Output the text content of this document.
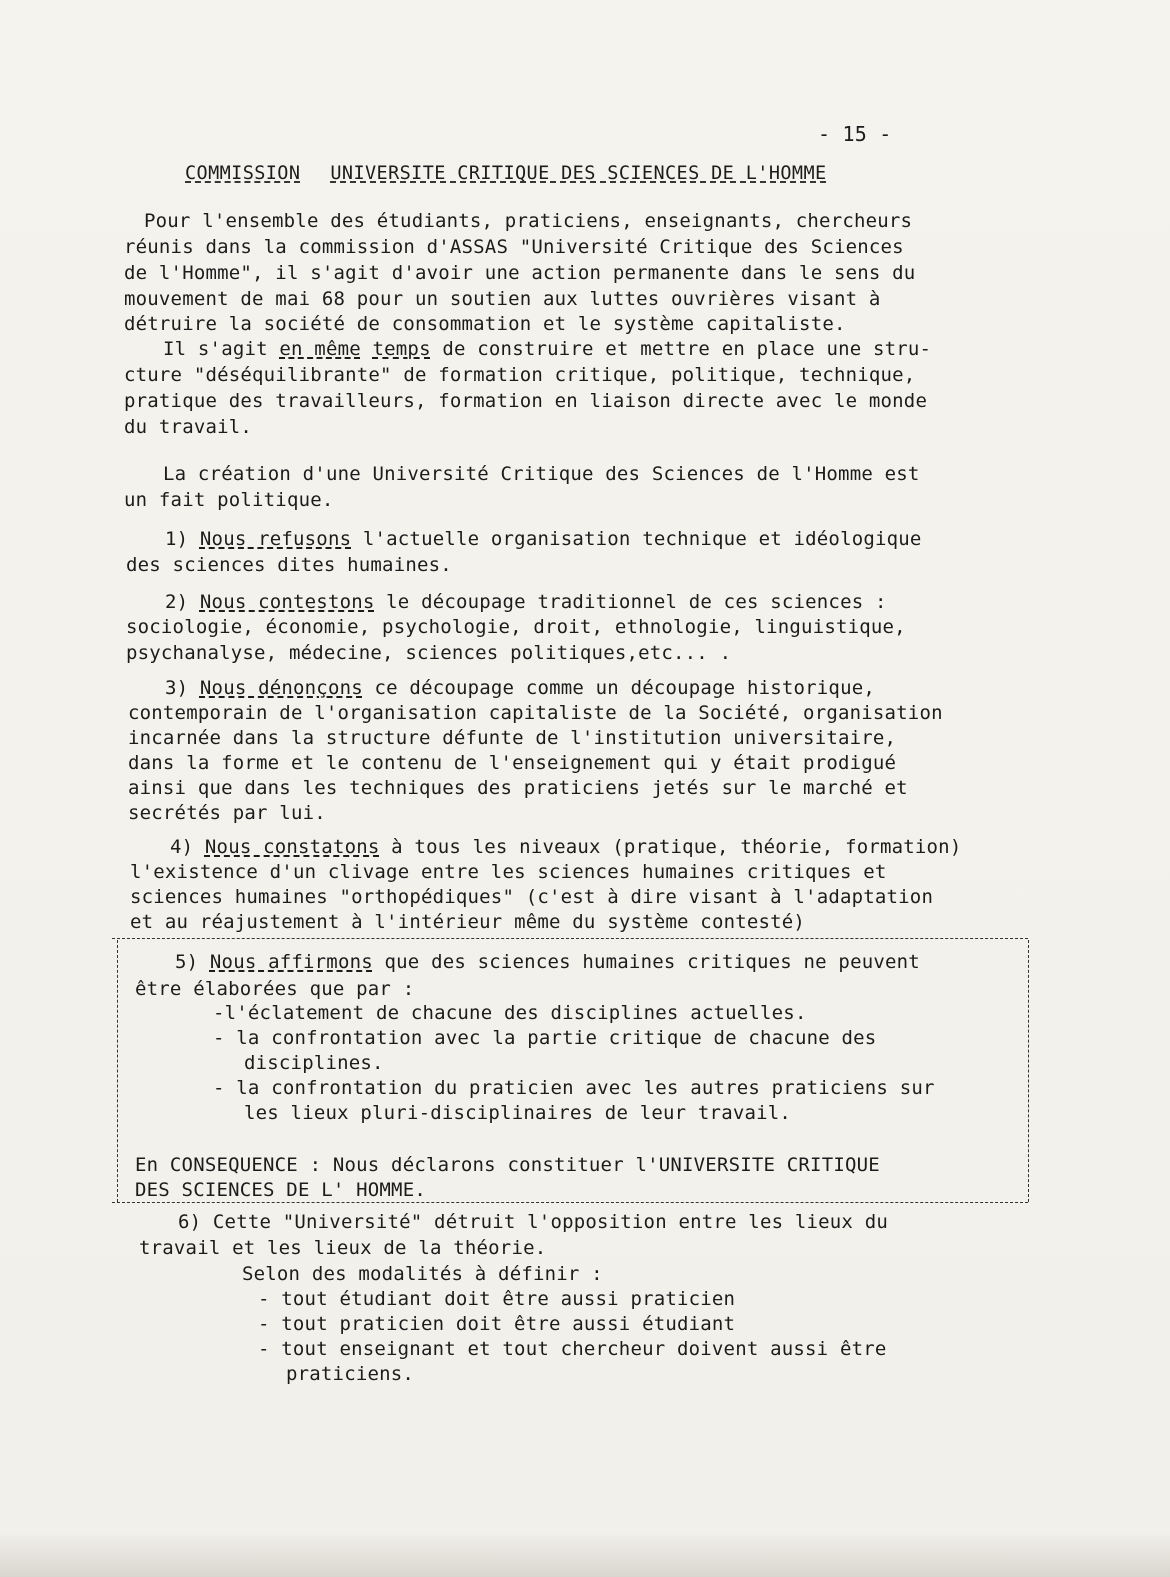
- 15 -
COMMISSION UNIVERSITE CRITIQUE DES SCIENCES DE L'HOMME
Pour l'ensemble des étudiants, praticiens, enseignants, chercheurs
réunis dans la commission d'ASSAS "Université Critique des Sciences
de l'Homme", il s'agit d'avoir une action permanente dans le sens du
mouvement de mai 68 pour un soutien aux luttes ouvrières visant à
détruire la société de consommation et le système capitaliste.
Il s'agit en même temps de construire et mettre en place une stru-
cture "déséquilibrante" de formation critique, politique, technique,
pratique des travailleurs, formation en liaison directe avec le monde
du travail.
La création d'une Université Critique des Sciences de l'Homme est
un fait politique.
1) Nous refusons l'actuelle organisation technique et idéologique
des sciences dites humaines.
2) Nous contestons le découpage traditionnel de ces sciences :
sociologie, économie, psychologie, droit, ethnologie, linguistique,
psychanalyse, médecine, sciences politiques,etc... .
3) Nous dénonçons ce découpage comme un découpage historique,
contemporain de l'organisation capitaliste de la Société, organisation
incarnée dans la structure défunte de l'institution universitaire,
dans la forme et le contenu de l'enseignement qui y était prodigué
ainsi que dans les techniques des praticiens jetés sur le marché et
secrétés par lui.
4) Nous constatons à tous les niveaux (pratique, théorie, formation)
l'existence d'un clivage entre les sciences humaines critiques et
sciences humaines "orthopédiques" (c'est à dire visant à l'adaptation
et au réajustement à l'intérieur même du système contesté)
5) Nous affirmons que des sciences humaines critiques ne peuvent
être élaborées que par :
-l'éclatement de chacune des disciplines actuelles.
- la confrontation avec la partie critique de chacune des
disciplines.
- la confrontation du praticien avec les autres praticiens sur
les lieux pluri-disciplinaires de leur travail.
En CONSEQUENCE : Nous déclarons constituer l'UNIVERSITE CRITIQUE
DES SCIENCES DE L' HOMME.
6) Cette "Université" détruit l'opposition entre les lieux du
travail et les lieux de la théorie.
Selon des modalités à définir :
- tout étudiant doit être aussi praticien
- tout praticien doit être aussi étudiant
- tout enseignant et tout chercheur doivent aussi être
praticiens.
